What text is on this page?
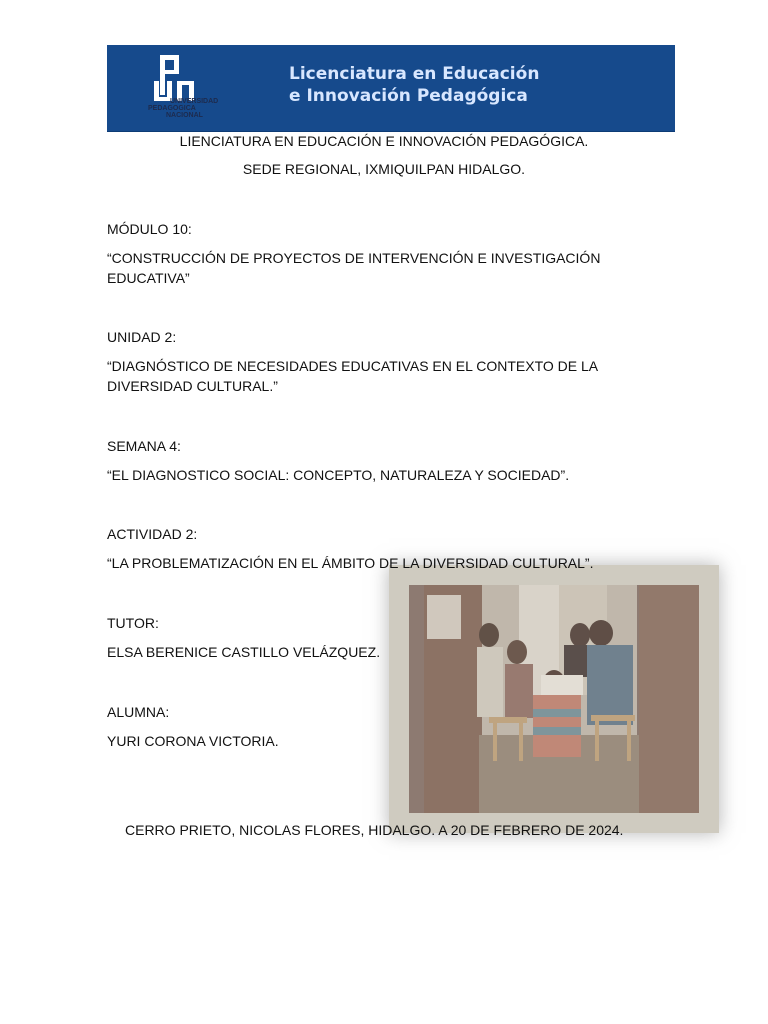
UNIVERSIDAD
PEDAGOGICA
NACIONAL
Licenciatura en Educación
e Innovación Pedagógica
LIENCIATURA EN EDUCACIÓN E INNOVACIÓN PEDAGÓGICA.
SEDE REGIONAL, IXMIQUILPAN HIDALGO.
MÓDULO 10:
“CONSTRUCCIÓN DE PROYECTOS DE INTERVENCIÓN E INVESTIGACIÓN EDUCATIVA”
UNIDAD 2:
“DIAGNÓSTICO DE NECESIDADES EDUCATIVAS EN EL CONTEXTO DE LA DIVERSIDAD CULTURAL.”
SEMANA 4:
“EL DIAGNOSTICO SOCIAL: CONCEPTO, NATURALEZA Y SOCIEDAD”.
ACTIVIDAD 2:
“LA PROBLEMATIZACIÓN EN EL ÁMBITO DE LA DIVERSIDAD CULTURAL”.
TUTOR:
ELSA BERENICE CASTILLO VELÁZQUEZ.
ALUMNA:
YURI CORONA VICTORIA.
CERRO PRIETO, NICOLAS FLORES, HIDALGO. A 20 DE FEBRERO DE 2024.
